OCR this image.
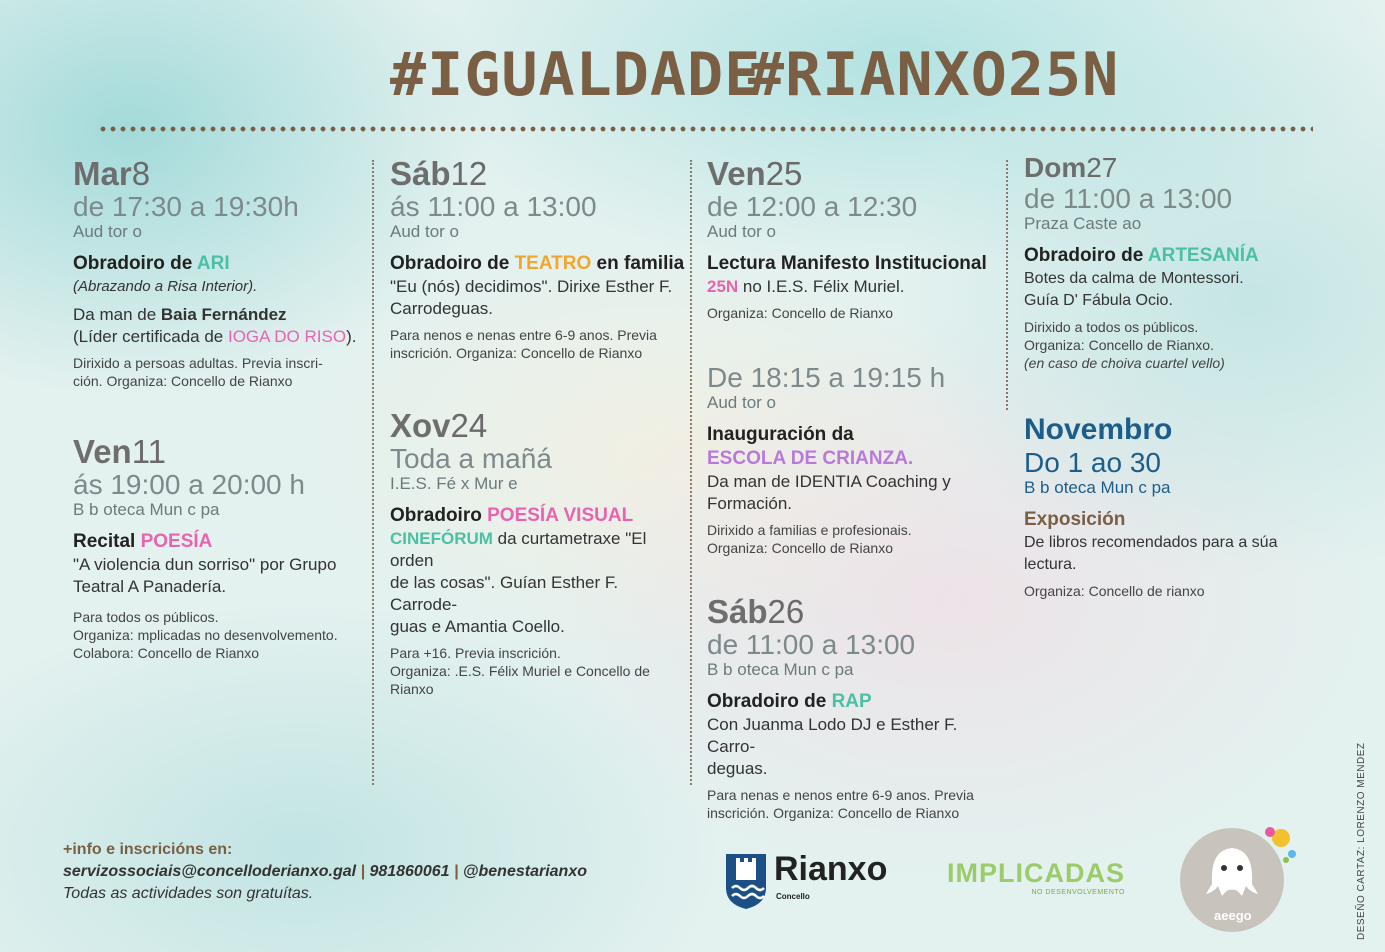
#IGUALDADE
#RIANXO25N
Mar8
de 17:30 a 19:30h
Aud tor o
Obradoiro de ARI
(Abrazando a Risa Interior).
Da man de Baia Fernández
(Líder certificada de IOGA DO RISO).
Dirixido a persoas adultas. Previa inscri-
ción. Organiza: Concello de Rianxo
Ven11
ás 19:00 a 20:00 h
B b oteca Mun c pa
Recital POESÍA
"A violencia dun sorriso" por Grupo
Teatral A Panadería.
Para todos os públicos.
Organiza: mplicadas no desenvolvemento.
Colabora: Concello de Rianxo
Sáb12
ás 11:00 a 13:00
Aud tor o
Obradoiro de TEATRO en familia
"Eu (nós) decidimos". Dirixe Esther F.
Carrodeguas.
Para nenos e nenas entre 6-9 anos. Previa
inscrición. Organiza: Concello de Rianxo
Xov24
Toda a mañá
I.E.S. Fé x Mur e
Obradoiro POESÍA VISUAL
CINEFÓRUM da curtametraxe "El orden
de las cosas". Guían Esther F. Carrode-
guas e Amantia Coello.
Para +16. Previa inscrición.
Organiza: .E.S. Félix Muriel e Concello de
Rianxo
Ven25
de 12:00 a 12:30
Aud tor o
Lectura Manifesto Institucional
25N no I.E.S. Félix Muriel.
Organiza: Concello de Rianxo
De 18:15 a 19:15 h
Aud tor o
Inauguración da
ESCOLA DE CRIANZA.
Da man de IDENTIA Coaching y
Formación.
Dirixido a familias e profesionais.
Organiza: Concello de Rianxo
Sáb26
de 11:00 a 13:00
B b oteca Mun c pa
Obradoiro de RAP
Con Juanma Lodo DJ e Esther F. Carro-
deguas.
Para nenas e nenos entre 6-9 anos. Previa
inscrición. Organiza: Concello de Rianxo
Dom27
de 11:00 a 13:00
Praza Caste ao
Obradoiro de ARTESANÍA
Botes da calma de Montessori.
Guía D' Fábula Ocio.
Dirixido a todos os públicos.
Organiza: Concello de Rianxo.
(en caso de choiva cuartel vello)
Novembro
Do 1 ao 30
B b oteca Mun c pa
Exposición
De libros recomendados para a súa
lectura.
Organiza: Concello de rianxo
+info e inscricións en:
servizossociais@concelloderianxo.gal | 981860061 | @benestarianxo
Todas as actividades son gratuítas.
Rianxo
Concello
IMPLICADAS
NO DESENVOLVEMENTO
aeego	DESEÑO CARTAZ: LORENZO MENDEZ
